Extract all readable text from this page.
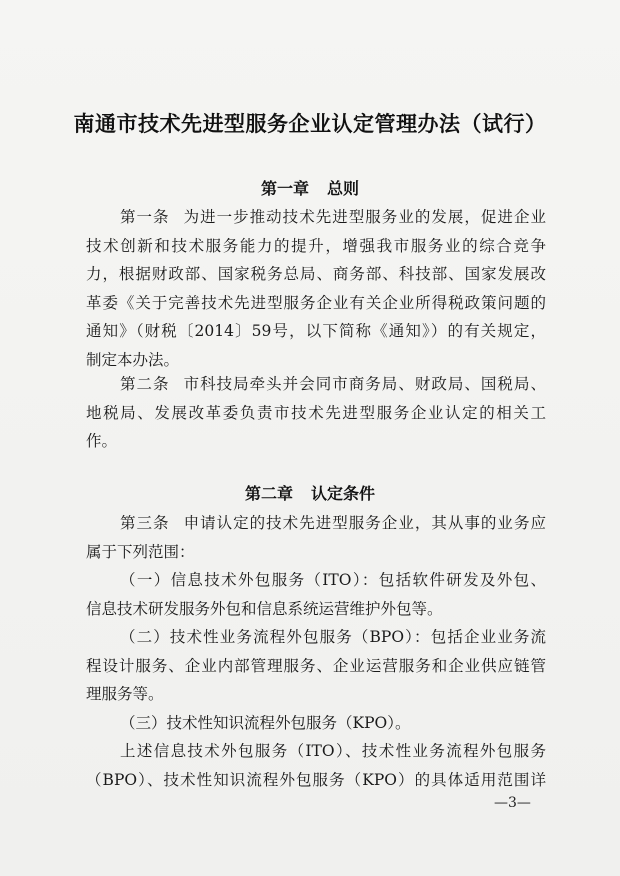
南通市技术先进型服务企业认定管理办法（试行）
第一章 总则
第一条 为进一步推动技术先进型服务业的发展，促进企业
技术创新和技术服务能力的提升，增强我市服务业的综合竞争
力，根据财政部、国家税务总局、商务部、科技部、国家发展改
革委《关于完善技术先进型服务企业有关企业所得税政策问题的
通知》（财税〔2014〕59号，以下简称《通知》）的有关规定，
制定本办法。
第二条 市科技局牵头并会同市商务局、财政局、国税局、
地税局、发展改革委负责市技术先进型服务企业认定的相关工
作。
第二章 认定条件
第三条 申请认定的技术先进型服务企业，其从事的业务应
属于下列范围：
（一）信息技术外包服务（ITO）：包括软件研发及外包、
信息技术研发服务外包和信息系统运营维护外包等。
（二）技术性业务流程外包服务（BPO）：包括企业业务流
程设计服务、企业内部管理服务、企业运营服务和企业供应链管
理服务等。
（三）技术性知识流程外包服务（KPO）。
上述信息技术外包服务（ITO）、技术性业务流程外包服务
（BPO）、技术性知识流程外包服务（KPO）的具体适用范围详
—3—
